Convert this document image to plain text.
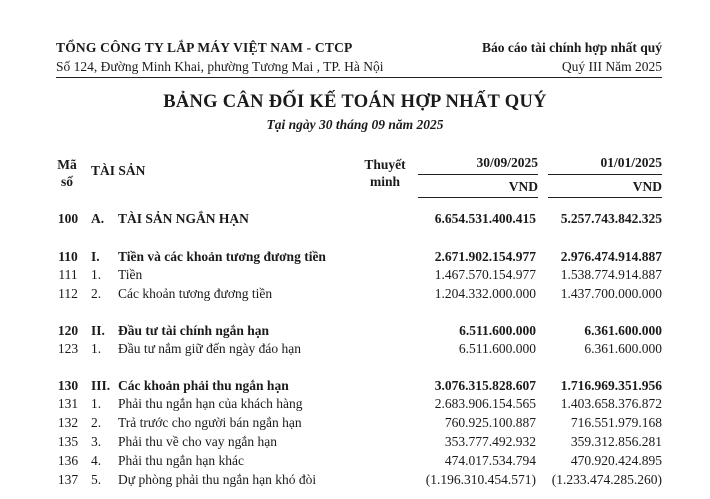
TỔNG CÔNG TY LẮP MÁY VIỆT NAM - CTCP	Báo cáo tài chính hợp nhất quý
Số 124, Đường Minh Khai, phường Tương Mai , TP. Hà Nội	Quý III Năm 2025
BẢNG CÂN ĐỐI KẾ TOÁN HỢP NHẤT QUÝ
Tại ngày 30 tháng 09 năm 2025
Mã
số
TÀI SẢN	Thuyết
minh
30/09/2025
VND
01/01/2025
VND
100 A. TÀI SẢN NGẮN HẠN	6.654.531.400.415 5.257.743.842.325
110 I. Tiền và các khoản tương đương tiền	2.671.902.154.977 2.976.474.914.887
111 1. Tiền	1.467.570.154.977 1.538.774.914.887
112 2. Các khoản tương đương tiền	1.204.332.000.000 1.437.700.000.000
120 II. Đầu tư tài chính ngắn hạn	6.511.600.000	6.361.600.000
123 1. Đầu tư nắm giữ đến ngày đáo hạn	6.511.600.000	6.361.600.000
130 III. Các khoản phải thu ngắn hạn	3.076.315.828.607 1.716.969.351.956
131 1. Phải thu ngắn hạn của khách hàng	2.683.906.154.565 1.403.658.376.872
132 2. Trả trước cho người bán ngắn hạn	760.925.100.887	716.551.979.168
135 3. Phải thu về cho vay ngắn hạn	353.777.492.932	359.312.856.281
136 4. Phải thu ngắn hạn khác	474.017.534.794	470.920.424.895
137 5. Dự phòng phải thu ngắn hạn khó đòi	(1.196.310.454.571) (1.233.474.285.260)
